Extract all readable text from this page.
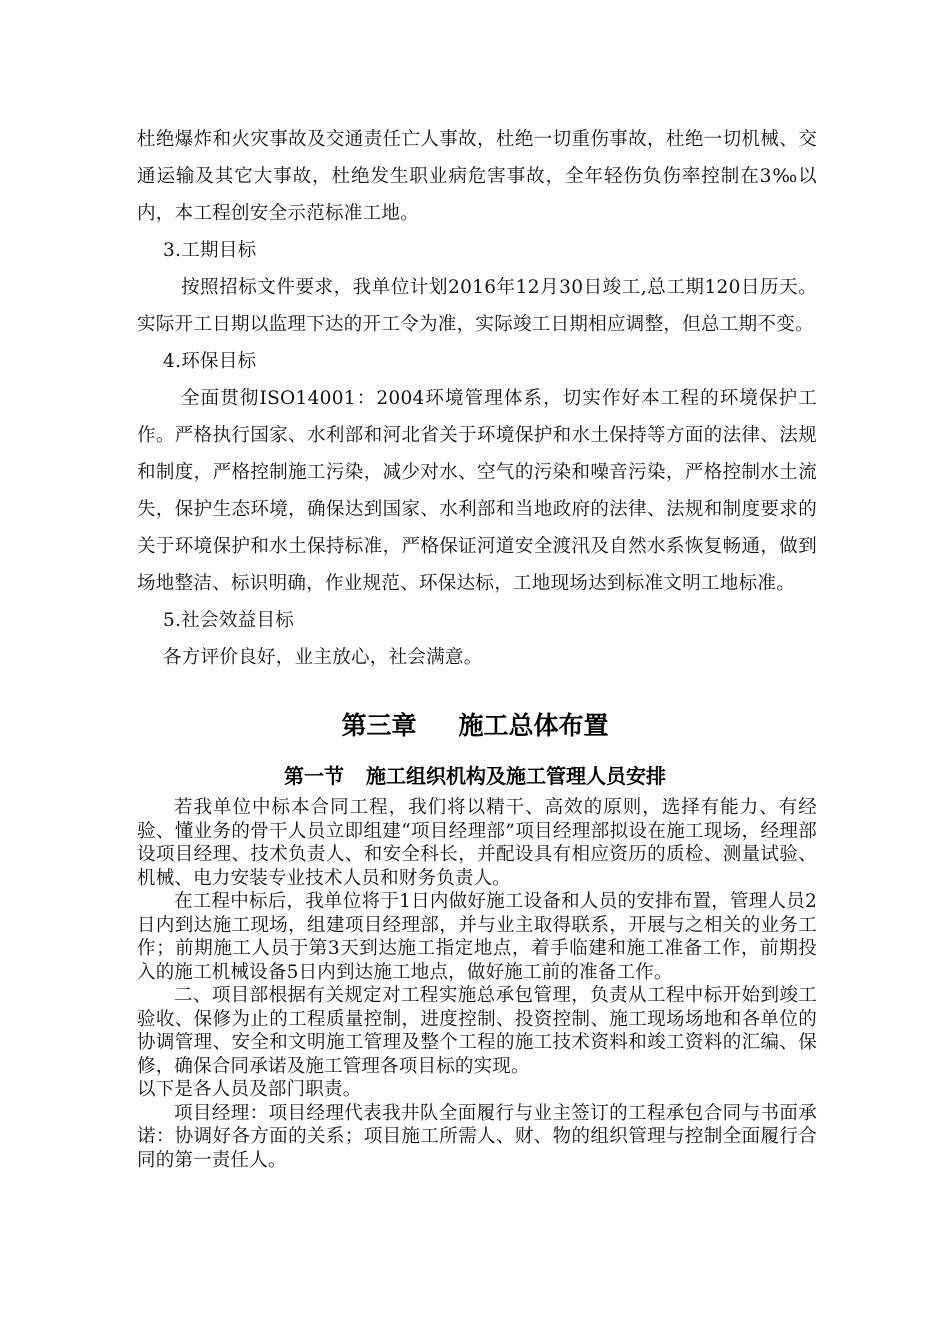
杜绝爆炸和火灾事故及交通责任亡人事故，杜绝一切重伤事故，杜绝一切机械、交通运输及其它大事故，杜绝发生职业病危害事故，全年轻伤负伤率控制在3‰以内，本工程创安全示范标准工地。

3.工期目标

按照招标文件要求，我单位计划2016年12月30日竣工,总工期120日历天。实际开工日期以监理下达的开工令为准，实际竣工日期相应调整，但总工期不变。

4.环保目标

全面贯彻ISO14001：2004环境管理体系，切实作好本工程的环境保护工作。严格执行国家、水利部和河北省关于环境保护和水土保持等方面的法律、法规和制度，严格控制施工污染，减少对水、空气的污染和噪音污染，严格控制水土流失，保护生态环境，确保达到国家、水利部和当地政府的法律、法规和制度要求的关于环境保护和水土保持标准，严格保证河道安全渡汛及自然水系恢复畅通，做到场地整洁、标识明确，作业规范、环保达标，工地现场达到标准文明工地标准。

5.社会效益目标

各方评价良好，业主放心，社会满意。

第三章 施工总体布置
第一节 施工组织机构及施工管理人员安排

若我单位中标本合同工程，我们将以精干、高效的原则，选择有能力、有经验、懂业务的骨干人员立即组建“项目经理部”项目经理部拟设在施工现场，经理部设项目经理、技术负责人、和安全科长，并配设具有相应资历的质检、测量试验、机械、电力安装专业技术人员和财务负责人。

在工程中标后，我单位将于1日内做好施工设备和人员的安排布置，管理人员2日内到达施工现场，组建项目经理部，并与业主取得联系，开展与之相关的业务工作；前期施工人员于第3天到达施工指定地点，着手临建和施工准备工作，前期投入的施工机械设备5日内到达施工地点，做好施工前的准备工作。

二、项目部根据有关规定对工程实施总承包管理，负责从工程中标开始到竣工验收、保修为止的工程质量控制，进度控制、投资控制、施工现场场地和各单位的协调管理、安全和文明施工管理及整个工程的施工技术资料和竣工资料的汇编、保修，确保合同承诺及施工管理各项目标的实现。

以下是各人员及部门职责。

项目经理：项目经理代表我井队全面履行与业主签订的工程承包合同与书面承诺：协调好各方面的关系；项目施工所需人、财、物的组织管理与控制全面履行合同的第一责任人。
